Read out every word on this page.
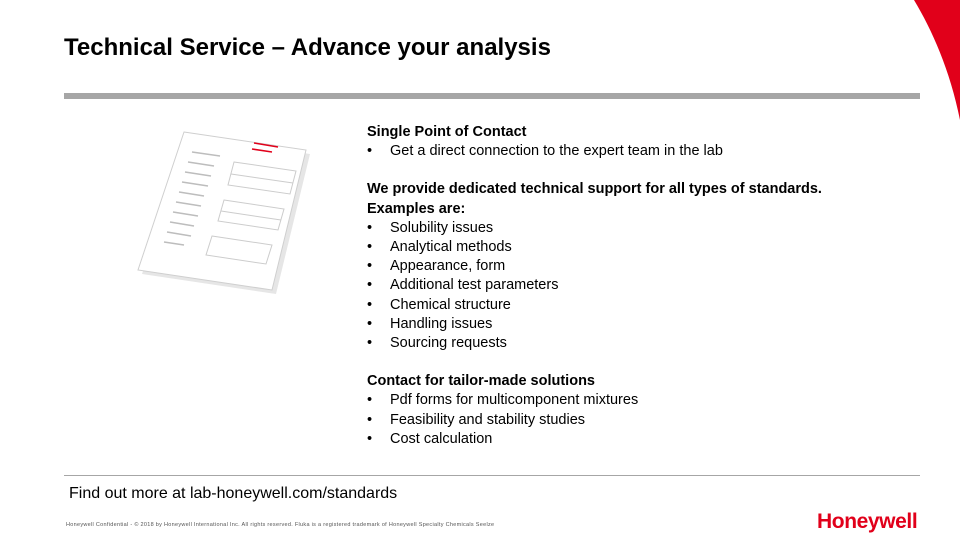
Technical Service – Advance your analysis
Single Point of Contact
•	Get a direct connection to the expert team in the lab
We provide dedicated technical support for all types of standards.
Examples are:
•	Solubility issues
•	Analytical methods
•	Appearance, form
•	Additional test parameters
•	Chemical structure
•	Handling issues
•	Sourcing requests
Contact for tailor-made solutions
•	Pdf forms for multicomponent mixtures
•	Feasibility and stability studies
•	Cost calculation
Find out more at lab-honeywell.com/standards
Honeywell Confidential - © 2018 by Honeywell International Inc. All rights reserved. Fluka is a registered trademark of Honeywell Specialty Chemicals Seelze	Honeywell
